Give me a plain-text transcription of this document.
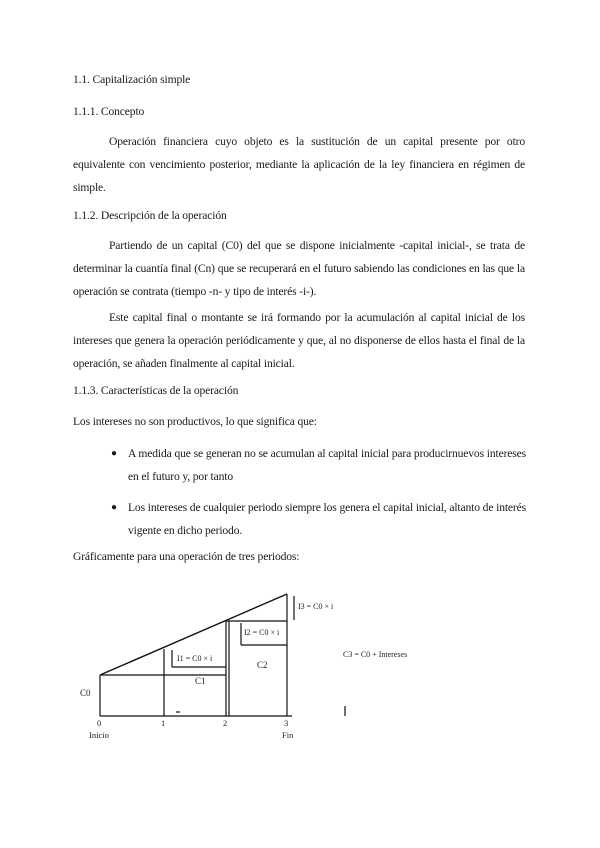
1.1. Capitalización simple
1.1.1. Concepto
Operación financiera cuyo objeto es la sustitución de un capital presente por otro equivalente con vencimiento posterior, mediante la aplicación de la ley financiera en régimen de simple.
1.1.2. Descripción de la operación
Partiendo de un capital (C0) del que se dispone inicialmente -capital inicial-, se trata de determinar la cuantía final (Cn) que se recuperará en el futuro sabiendo las condiciones en las que la operación se contrata (tiempo -n- y tipo de interés -i-).
Este capital final o montante se irá formando por la acumulación al capital inicial de los intereses que genera la operación periódicamente y que, al no disponerse de ellos hasta el final de la operación, se añaden finalmente al capital inicial.
1.1.3. Características de la operación
Los intereses no son productivos, lo que significa que:
● A medida que se generan no se acumulan al capital inicial para producirnuevos intereses en el futuro y, por tanto
● Los intereses de cualquier periodo siempre los genera el capital inicial, altanto de interés vigente en dicho periodo.
Gráficamente para una operación de tres periodos:
0	1	2	3
Inicio	Fin
C0
C1
C2
I1 = C0 × i
I2 = C0 × i
I3 = C0 × i
C3 = C0 + Intereses
